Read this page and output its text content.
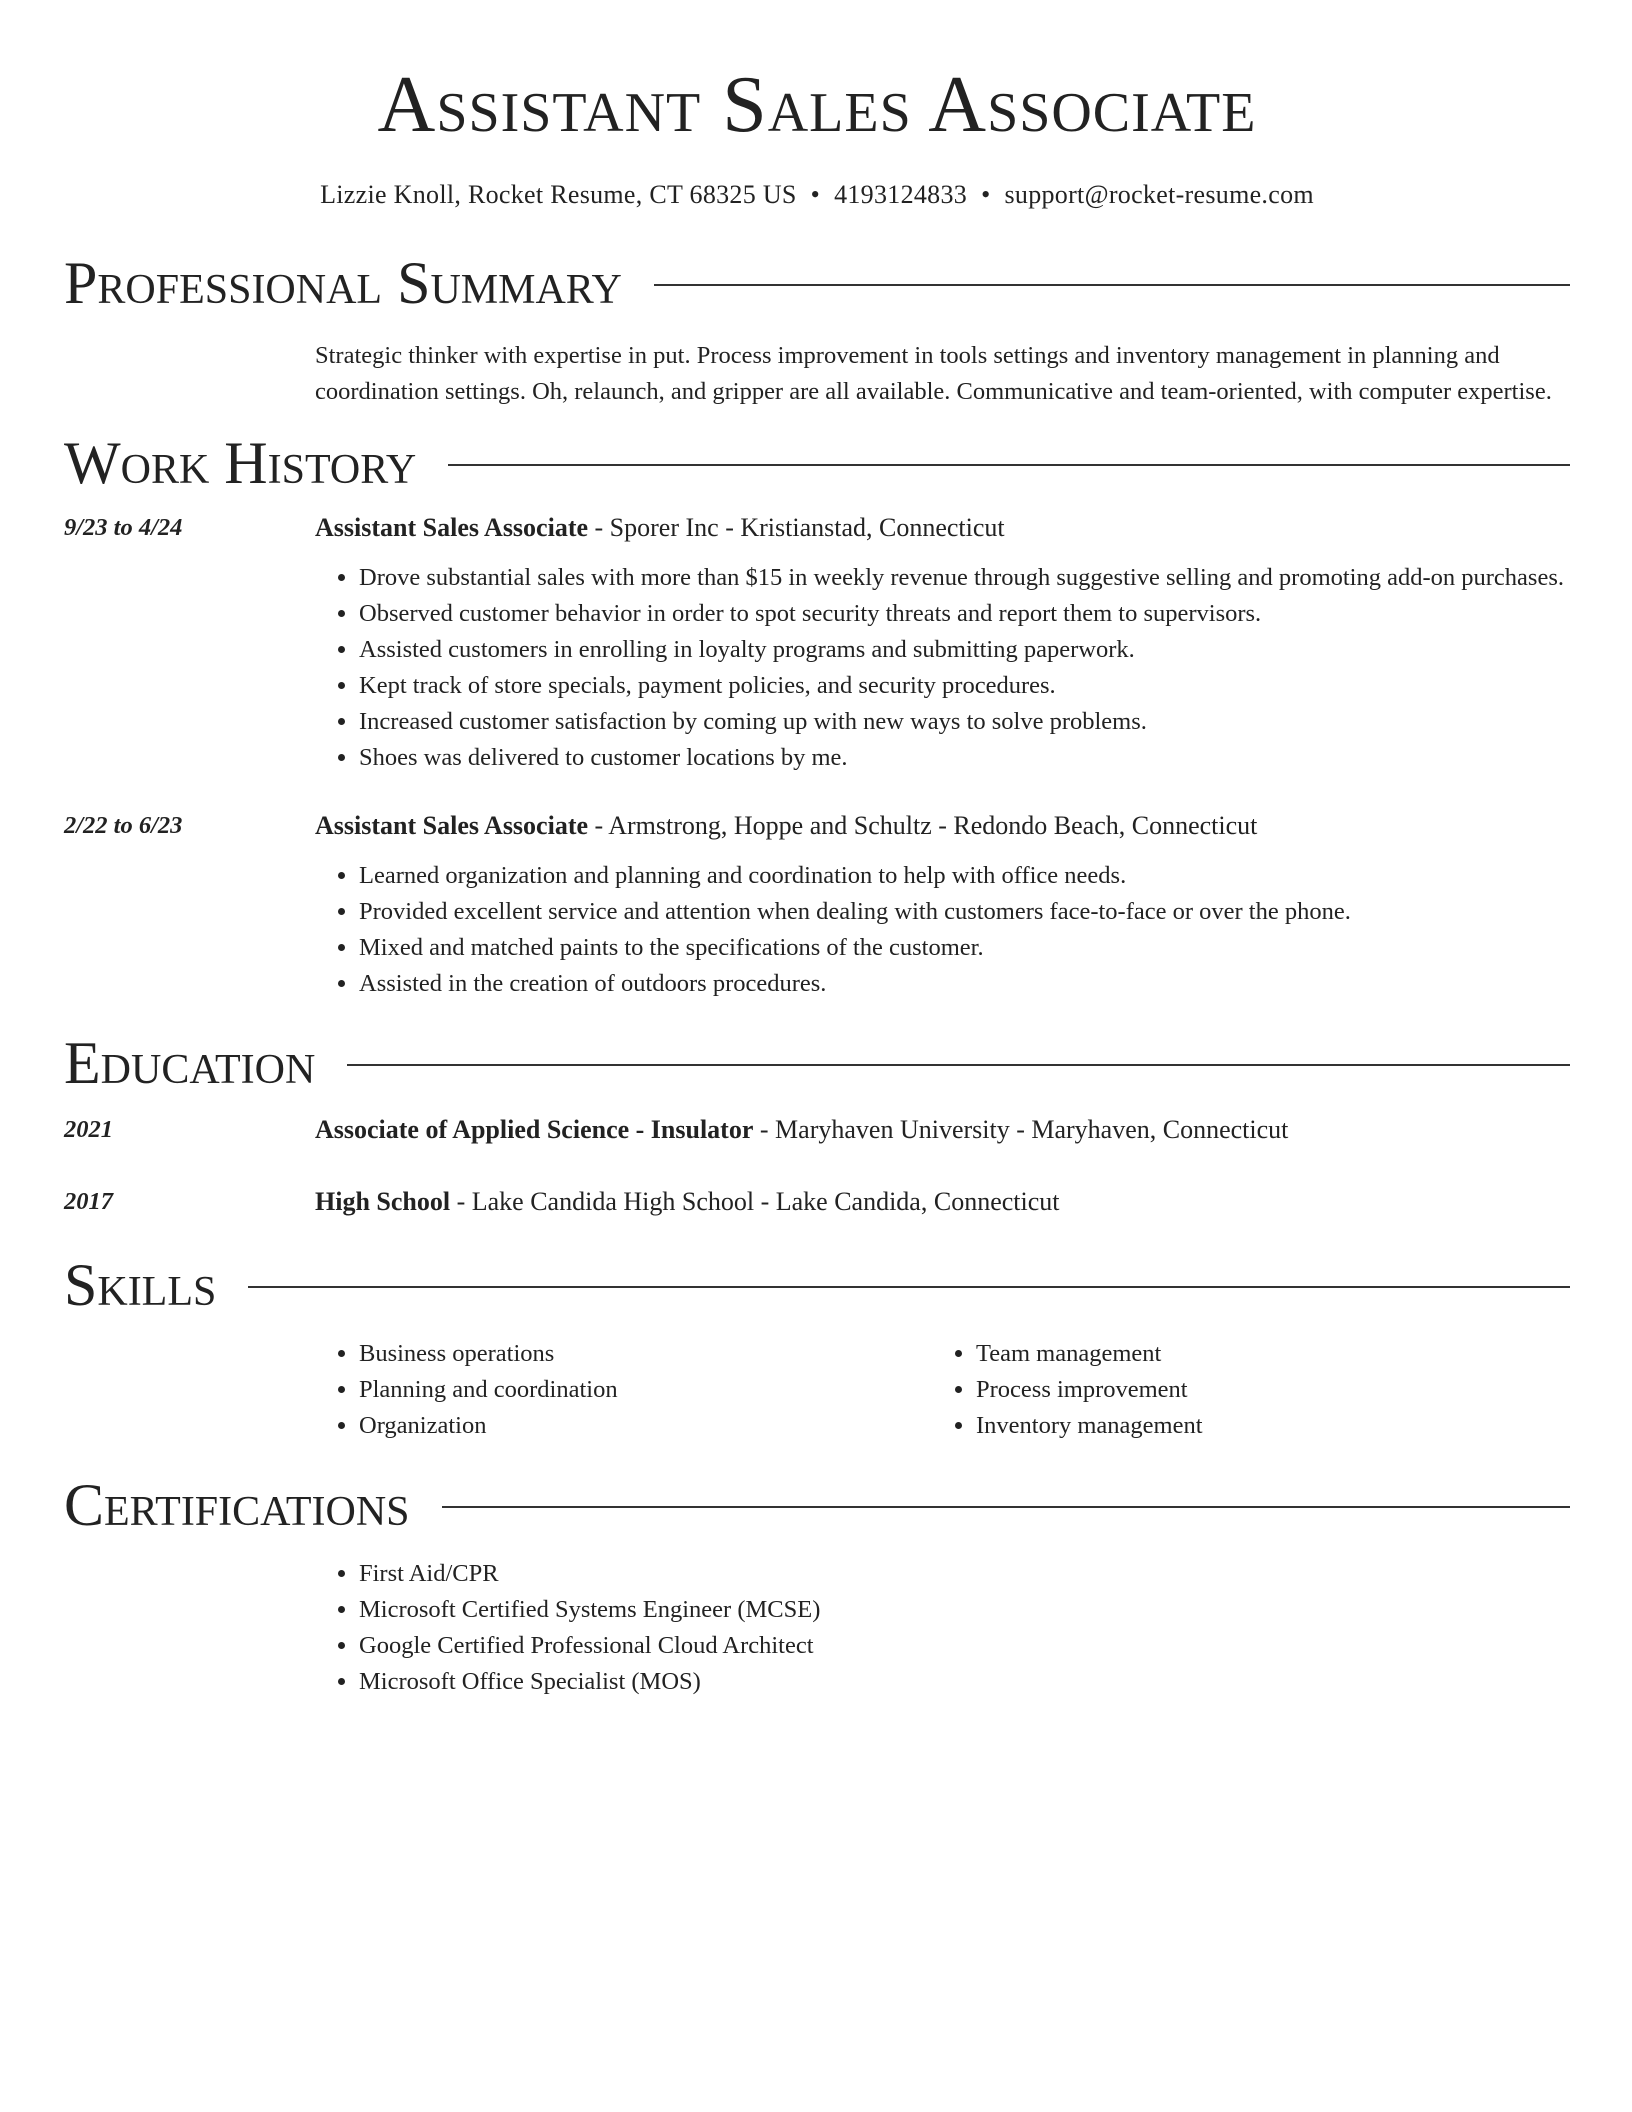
Assistant Sales Associate
Lizzie Knoll, Rocket Resume, CT 68325 US • 4193124833 • support@rocket-resume.com
Professional Summary
Strategic thinker with expertise in put. Process improvement in tools settings and inventory management in planning and coordination settings. Oh, relaunch, and gripper are all available. Communicative and team-oriented, with computer expertise.
Work History
9/23 to 4/24	Assistant Sales Associate - Sporer Inc - Kristianstad, Connecticut
• Drove substantial sales with more than $15 in weekly revenue through suggestive selling and promoting add-on purchases.
• Observed customer behavior in order to spot security threats and report them to supervisors.
• Assisted customers in enrolling in loyalty programs and submitting paperwork.
• Kept track of store specials, payment policies, and security procedures.
• Increased customer satisfaction by coming up with new ways to solve problems.
• Shoes was delivered to customer locations by me.
2/22 to 6/23	Assistant Sales Associate - Armstrong, Hoppe and Schultz - Redondo Beach, Connecticut
• Learned organization and planning and coordination to help with office needs.
• Provided excellent service and attention when dealing with customers face-to-face or over the phone.
• Mixed and matched paints to the specifications of the customer.
• Assisted in the creation of outdoors procedures.
Education
2021	Associate of Applied Science - Insulator - Maryhaven University - Maryhaven, Connecticut
2017	High School - Lake Candida High School - Lake Candida, Connecticut
Skills
• Business operations
• Planning and coordination
• Organization
• Team management
• Process improvement
• Inventory management
Certifications
• First Aid/CPR
• Microsoft Certified Systems Engineer (MCSE)
• Google Certified Professional Cloud Architect
• Microsoft Office Specialist (MOS)
